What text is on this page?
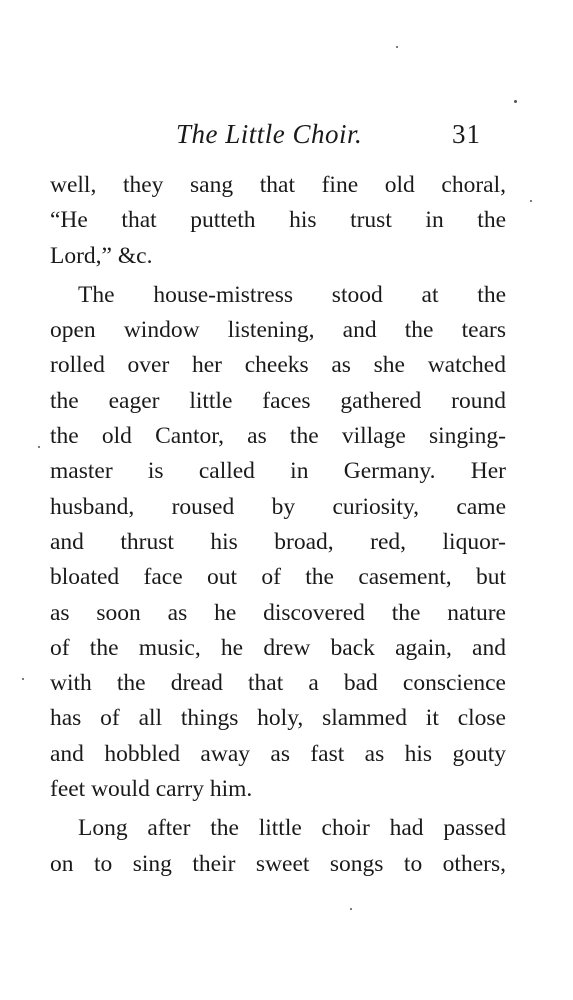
The Little Choir.	31
well, they sang that fine old choral,
“He that putteth his trust in the
Lord,” &c.
The house-mistress stood at the
open window listening, and the tears
rolled over her cheeks as she watched
the eager little faces gathered round
the old Cantor, as the village singing-
master is called in Germany. Her
husband, roused by curiosity, came
and thrust his broad, red, liquor-
bloated face out of the casement, but
as soon as he discovered the nature
of the music, he drew back again, and
with the dread that a bad conscience
has of all things holy, slammed it close
and hobbled away as fast as his gouty
feet would carry him.
Long after the little choir had passed
on to sing their sweet songs to others,
